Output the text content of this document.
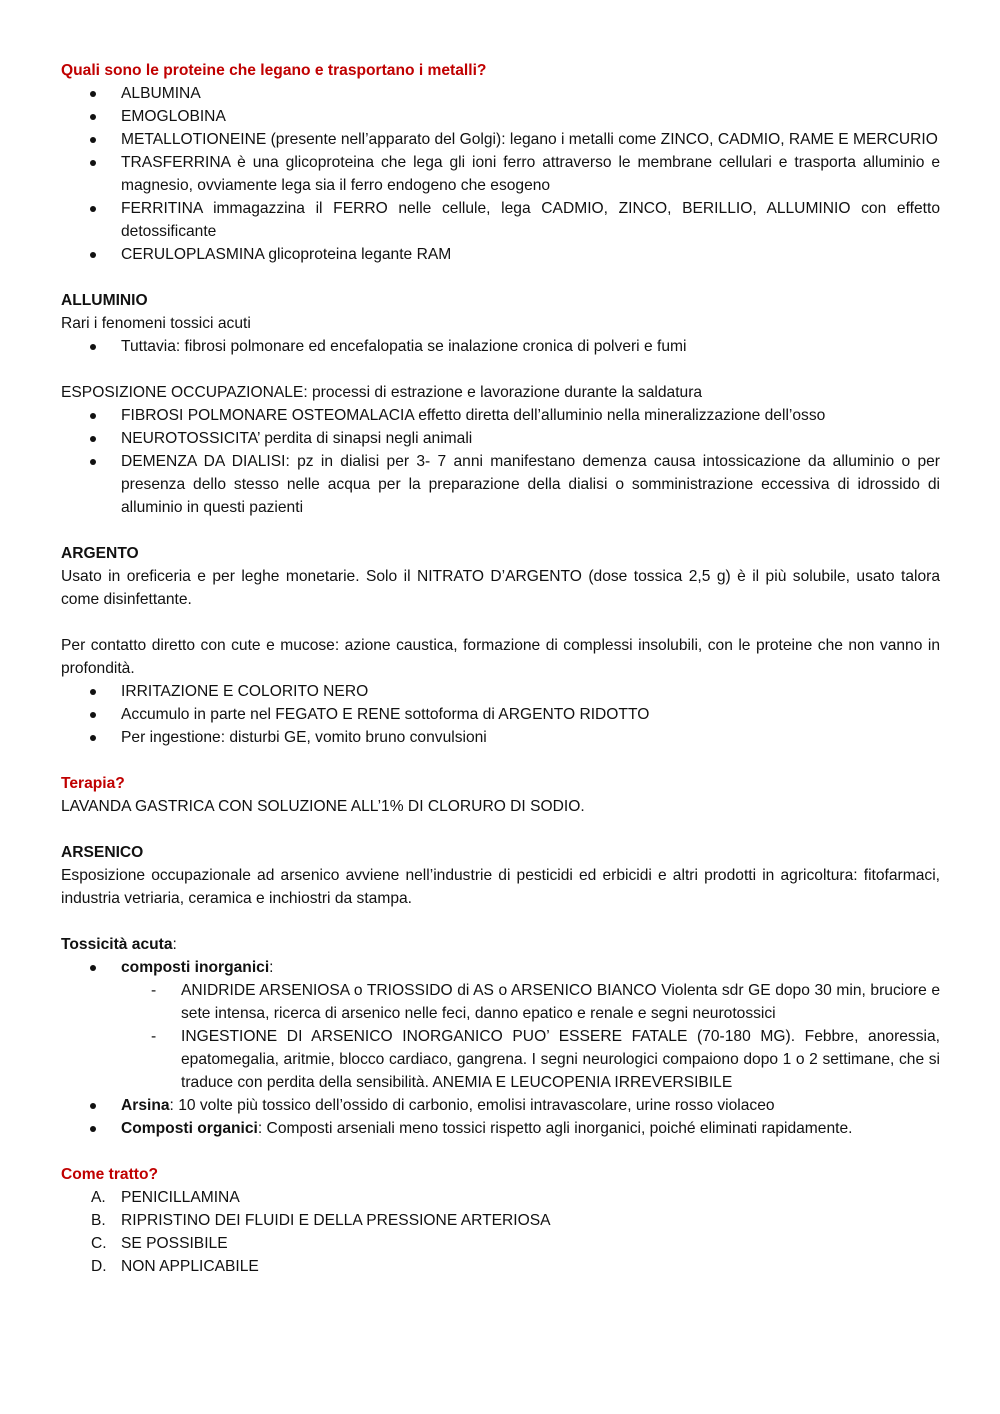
Quali sono le proteine che legano e trasportano i metalli?

ALBUMINA
EMOGLOBINA
METALLOTIONEINE (presente nell’apparato del Golgi): legano i metalli come ZINCO, CADMIO, RAME E MERCURIO
TRASFERRINA è una glicoproteina che lega gli ioni ferro attraverso le membrane cellulari e trasporta alluminio e magnesio, ovviamente lega sia il ferro endogeno che esogeno
FERRITINA immagazzina il FERRO nelle cellule, lega CADMIO, ZINCO, BERILLIO, ALLUMINIO con effetto detossificante
CERULOPLASMINA glicoproteina legante RAM

ALLUMINIO

Rari i fenomeni tossici acuti

Tuttavia: fibrosi polmonare ed encefalopatia se inalazione cronica di polveri e fumi

ESPOSIZIONE OCCUPAZIONALE: processi di estrazione e lavorazione durante la saldatura

FIBROSI POLMONARE OSTEOMALACIA effetto diretta dell’alluminio nella mineralizzazione dell’osso
NEUROTOSSICITA’ perdita di sinapsi negli animali
DEMENZA DA DIALISI: pz in dialisi per 3- 7 anni manifestano demenza causa intossicazione da alluminio o per presenza dello stesso nelle acqua per la preparazione della dialisi o somministrazione eccessiva di idrossido di alluminio in questi pazienti

ARGENTO

Usato in oreficeria e per leghe monetarie. Solo il NITRATO D’ARGENTO (dose tossica 2,5 g) è il più solubile, usato talora come disinfettante.

Per contatto diretto con cute e mucose: azione caustica, formazione di complessi insolubili, con le proteine che non vanno in profondità.

IRRITAZIONE E COLORITO NERO
Accumulo in parte nel FEGATO E RENE sottoforma di ARGENTO RIDOTTO
Per ingestione: disturbi GE, vomito bruno convulsioni

Terapia?

LAVANDA GASTRICA CON SOLUZIONE ALL’1% DI CLORURO DI SODIO.

ARSENICO

Esposizione occupazionale ad arsenico avviene nell’industrie di pesticidi ed erbicidi e altri prodotti in agricoltura: fitofarmaci, industria vetriaria, ceramica e inchiostri da stampa.

Tossicità acuta:

composti inorganici:
- ANIDRIDE ARSENIOSA o TRIOSSIDO di AS o ARSENICO BIANCO Violenta sdr GE dopo 30 min, bruciore e sete intensa, ricerca di arsenico nelle feci, danno epatico e renale e segni neurotossici
- INGESTIONE DI ARSENICO INORGANICO PUO’ ESSERE FATALE (70-180 MG). Febbre, anoressia, epatomegalia, aritmie, blocco cardiaco, gangrena. I segni neurologici compaiono dopo 1 o 2 settimane, che si traduce con perdita della sensibilità. ANEMIA E LEUCOPENIA IRREVERSIBILE
Arsina: 10 volte più tossico dell’ossido di carbonio, emolisi intravascolare, urine rosso violaceo
Composti organici: Composti arseniali meno tossici rispetto agli inorganici, poiché eliminati rapidamente.

Come tratto?

A. PENICILLAMINA
B. RIPRISTINO DEI FLUIDI E DELLA PRESSIONE ARTERIOSA
C. SE POSSIBILE
D. NON APPLICABILE
